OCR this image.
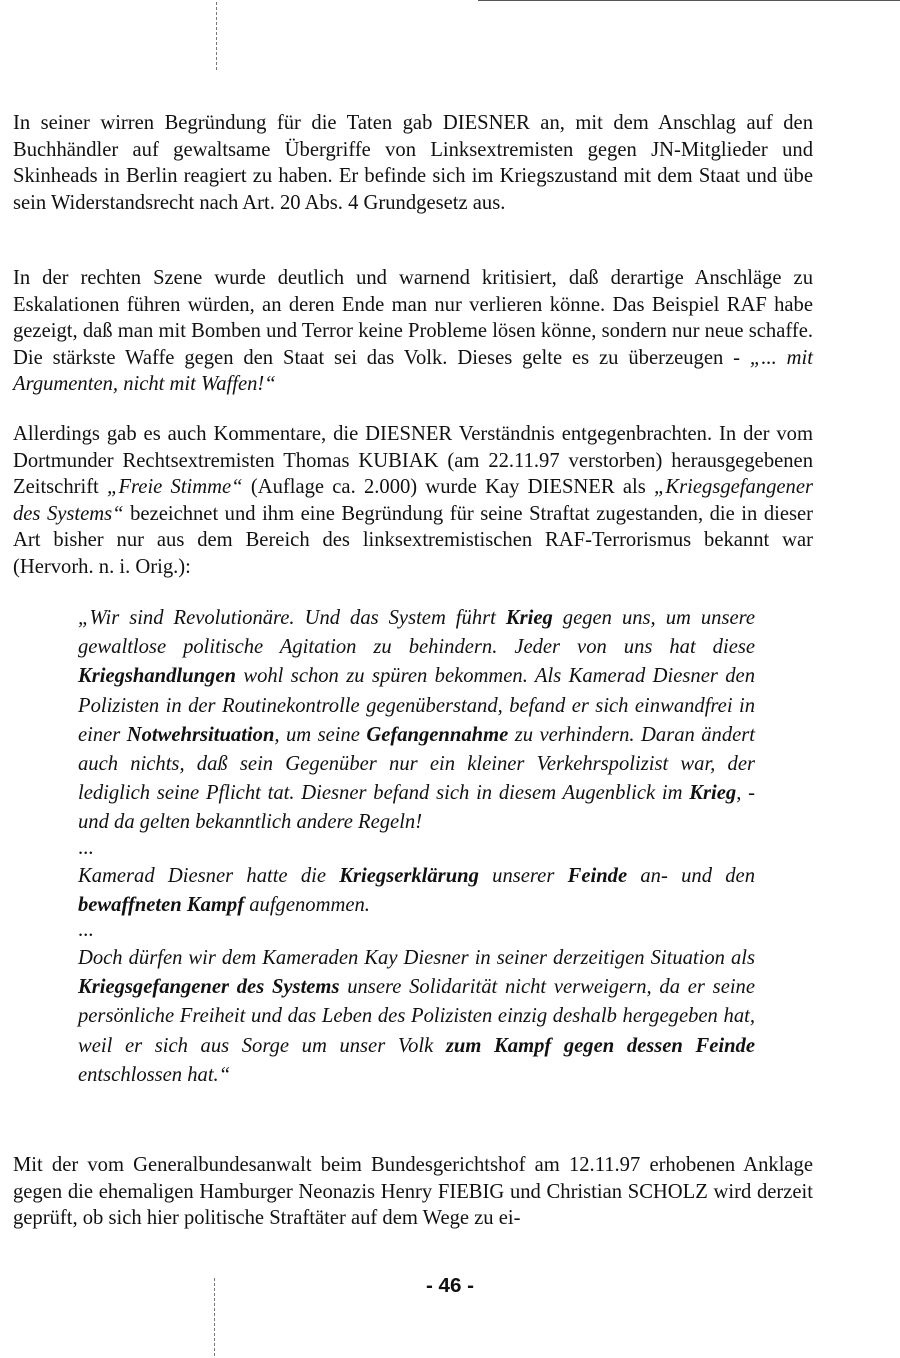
In seiner wirren Begründung für die Taten gab DIESNER an, mit dem Anschlag auf den Buchhändler auf gewaltsame Übergriffe von Linksextremisten gegen JN-Mitglieder und Skinheads in Berlin reagiert zu haben. Er befinde sich im Kriegszustand mit dem Staat und übe sein Widerstandsrecht nach Art. 20 Abs. 4 Grundgesetz aus.

In der rechten Szene wurde deutlich und warnend kritisiert, daß derartige Anschläge zu Eskalationen führen würden, an deren Ende man nur verlieren könne. Das Beispiel RAF habe gezeigt, daß man mit Bomben und Terror keine Probleme lösen könne, sondern nur neue schaffe. Die stärkste Waffe gegen den Staat sei das Volk. Dieses gelte es zu überzeugen - „... mit Argumenten, nicht mit Waffen!“

Allerdings gab es auch Kommentare, die DIESNER Verständnis entgegenbrachten. In der vom Dortmunder Rechtsextremisten Thomas KUBIAK (am 22.11.97 verstorben) herausgegebenen Zeitschrift „Freie Stimme“ (Auflage ca. 2.000) wurde Kay DIESNER als „Kriegsgefangener des Systems“ bezeichnet und ihm eine Begründung für seine Straftat zugestanden, die in dieser Art bisher nur aus dem Bereich des linksextremistischen RAF-Terrorismus bekannt war (Hervorh. n. i. Orig.):

„Wir sind Revolutionäre. Und das System führt Krieg gegen uns, um unsere gewaltlose politische Agitation zu behindern. Jeder von uns hat diese Kriegshandlungen wohl schon zu spüren bekommen. Als Kamerad Diesner den Polizisten in der Routinekontrolle gegenüberstand, befand er sich einwandfrei in einer Notwehrsituation, um seine Gefangennahme zu verhindern. Daran ändert auch nichts, daß sein Gegenüber nur ein kleiner Verkehrspolizist war, der lediglich seine Pflicht tat. Diesner befand sich in diesem Augenblick im Krieg, - und da gelten bekanntlich andere Regeln!
...
Kamerad Diesner hatte die Kriegserklärung unserer Feinde an- und den bewaffneten Kampf aufgenommen.
...
Doch dürfen wir dem Kameraden Kay Diesner in seiner derzeitigen Situation als Kriegsgefangener des Systems unsere Solidarität nicht verweigern, da er seine persönliche Freiheit und das Leben des Polizisten einzig deshalb hergegeben hat, weil er sich aus Sorge um unser Volk zum Kampf gegen dessen Feinde entschlossen hat.“

Mit der vom Generalbundesanwalt beim Bundesgerichtshof am 12.11.97 erhobenen Anklage gegen die ehemaligen Hamburger Neonazis Henry FIEBIG und Christian SCHOLZ wird derzeit geprüft, ob sich hier politische Straftäter auf dem Wege zu ei-

- 46 -
